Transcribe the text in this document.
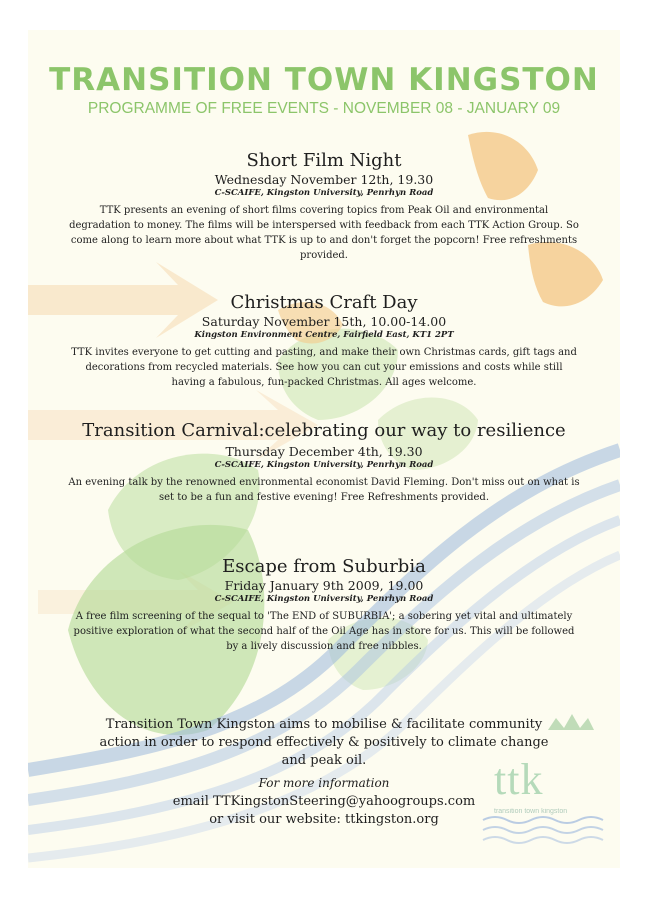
TRANSITION TOWN KINGSTON
PROGRAMME OF FREE EVENTS - NOVEMBER 08 - JANUARY 09
Short Film Night
Wednesday November 12th, 19.30
C-SCAIFE, Kingston University, Penrhyn Road
TTK presents an evening of short films covering topics from Peak Oil and environmental degradation to money. The films will be interspersed with feedback from each TTK Action Group. So come along to learn more about what TTK is up to and don't forget the popcorn! Free refreshments provided.
Christmas Craft Day
Saturday November 15th, 10.00-14.00
Kingston Environment Centre, Fairfield East, KT1 2PT
TTK invites everyone to get cutting and pasting, and make their own Christmas cards, gift tags and decorations from recycled materials. See how you can cut your emissions and costs while still having a fabulous, fun-packed Christmas. All ages welcome.
Transition Carnival:celebrating our way to resilience
Thursday December 4th, 19.30
C-SCAIFE, Kingston University, Penrhyn Road
An evening talk by the renowned environmental economist David Fleming. Don't miss out on what is set to be a fun and festive evening! Free Refreshments provided.
Escape from Suburbia
Friday January 9th 2009, 19.00
C-SCAIFE, Kingston University, Penrhyn Road
A free film screening of the sequal to 'The END of SUBURBIA'; a sobering yet vital and ultimately positive exploration of what the second half of the Oil Age has in store for us. This will be followed by a lively discussion and free nibbles.
Transition Town Kingston aims to mobilise & facilitate community action in order to respond effectively & positively to climate change and peak oil.
For more information
email TTKingstonSteering@yahoogroups.com
or visit our website: ttkingston.org
ttk
transition town kingston
